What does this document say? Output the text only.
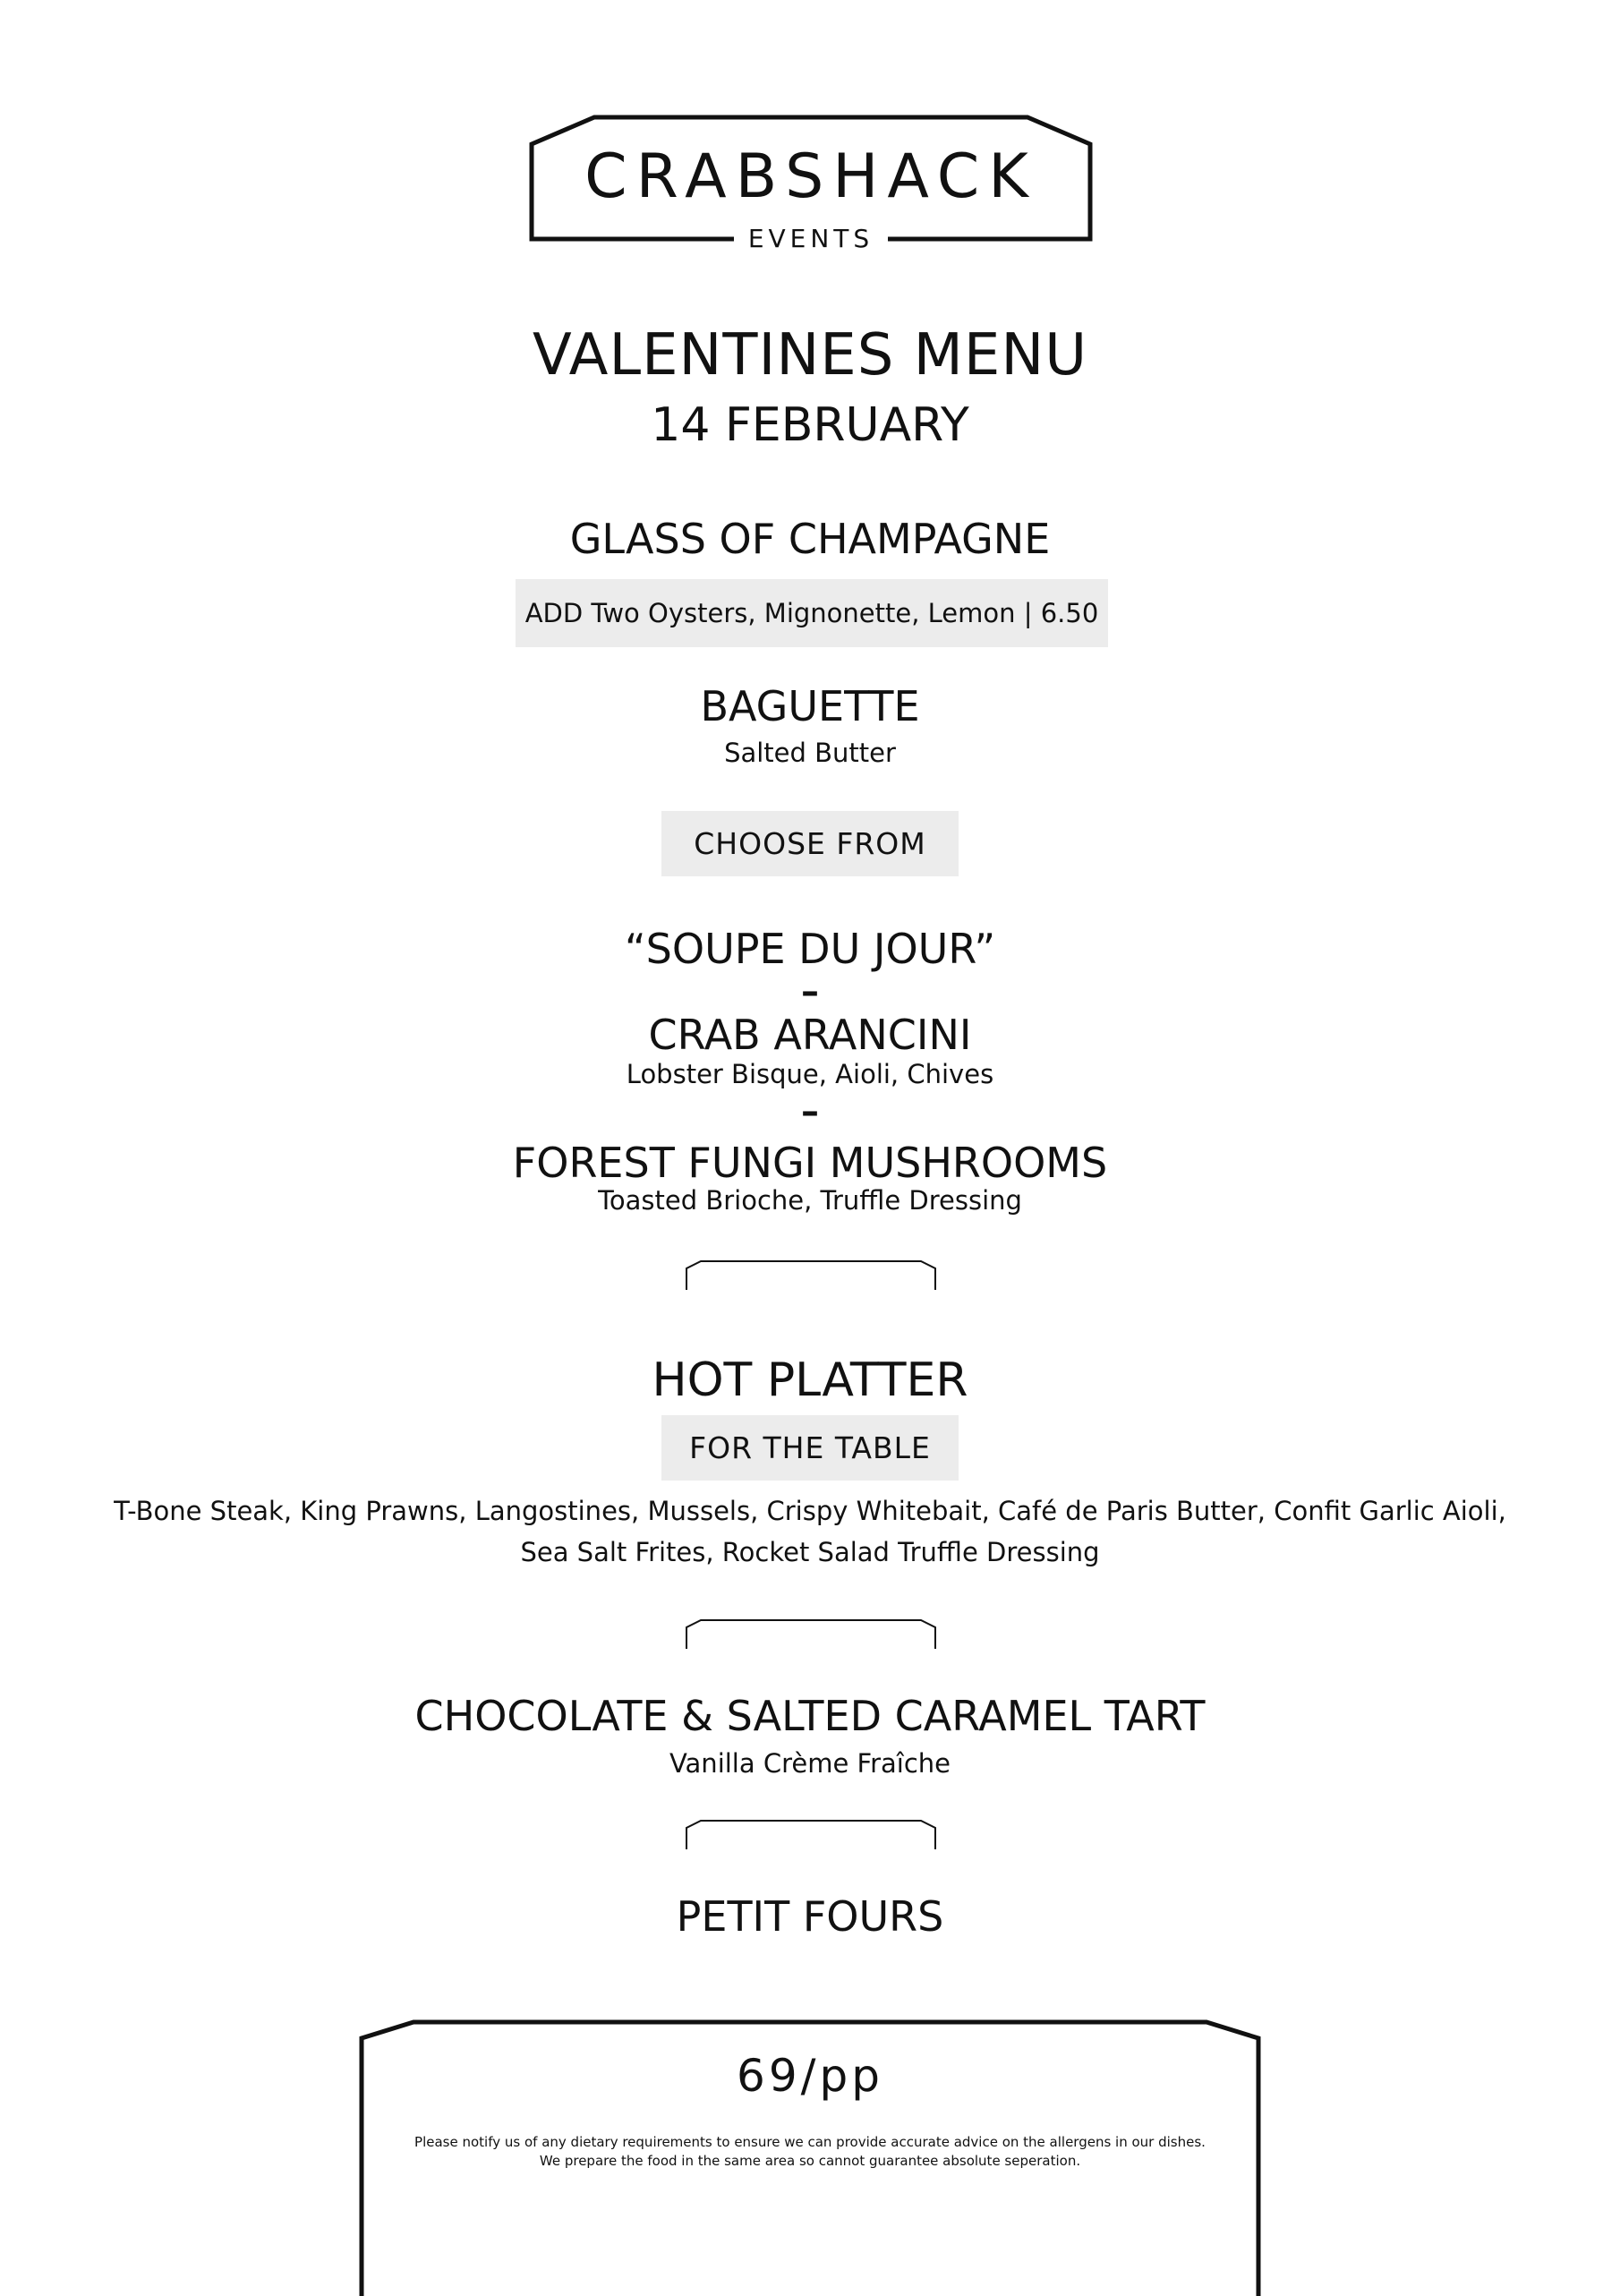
CRABSHACK
EVENTS
VALENTINES MENU
14 FEBRUARY
GLASS OF CHAMPAGNE
ADD Two Oysters, Mignonette, Lemon | 6.50
BAGUETTE
Salted Butter
CHOOSE FROM
“SOUPE DU JOUR”
–
CRAB ARANCINI
Lobster Bisque, Aioli, Chives
–
FOREST FUNGI MUSHROOMS
Toasted Brioche, Truffle Dressing
HOT PLATTER
FOR THE TABLE
T-Bone Steak, King Prawns, Langostines, Mussels, Crispy Whitebait, Café de Paris Butter, Confit Garlic Aioli,
Sea Salt Frites, Rocket Salad Truffle Dressing
CHOCOLATE & SALTED CARAMEL TART
Vanilla Crème Fraîche
PETIT FOURS
69/pp
Please notify us of any dietary requirements to ensure we can provide accurate advice on the allergens in our dishes. We prepare the food in the same area so cannot guarantee absolute seperation.
